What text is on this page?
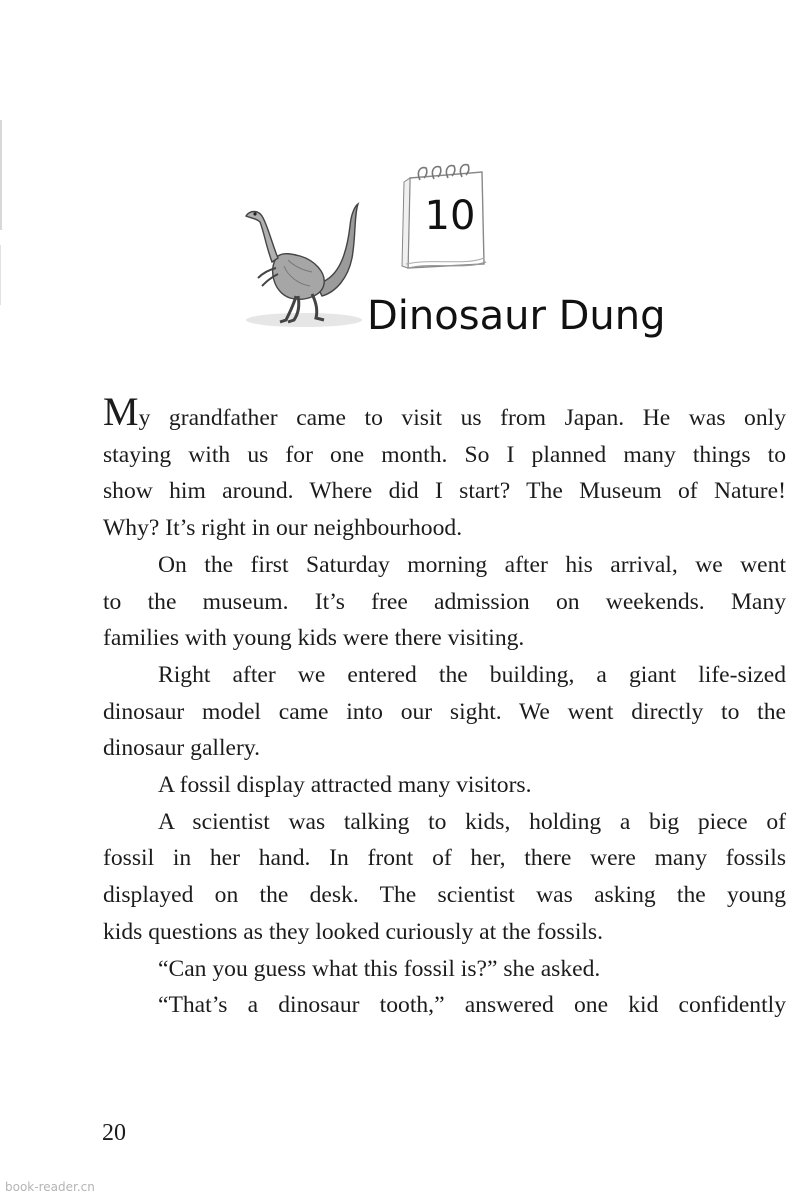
10
Dinosaur Dung

My grandfather came to visit us from Japan. He was only

staying with us for one month. So I planned many things to

show him around. Where did I start? The Museum of Nature!

Why? It’s right in our neighbourhood.

On the first Saturday morning after his arrival, we went

to the museum. It’s free admission on weekends. Many

families with young kids were there visiting.

Right after we entered the building, a giant life-sized

dinosaur model came into our sight. We went directly to the

dinosaur gallery.

A fossil display attracted many visitors.

A scientist was talking to kids, holding a big piece of

fossil in her hand. In front of her, there were many fossils

displayed on the desk. The scientist was asking the young

kids questions as they looked curiously at the fossils.

“Can you guess what this fossil is?” she asked.

“That’s a dinosaur tooth,” answered one kid confidently

20
book-reader.cn
